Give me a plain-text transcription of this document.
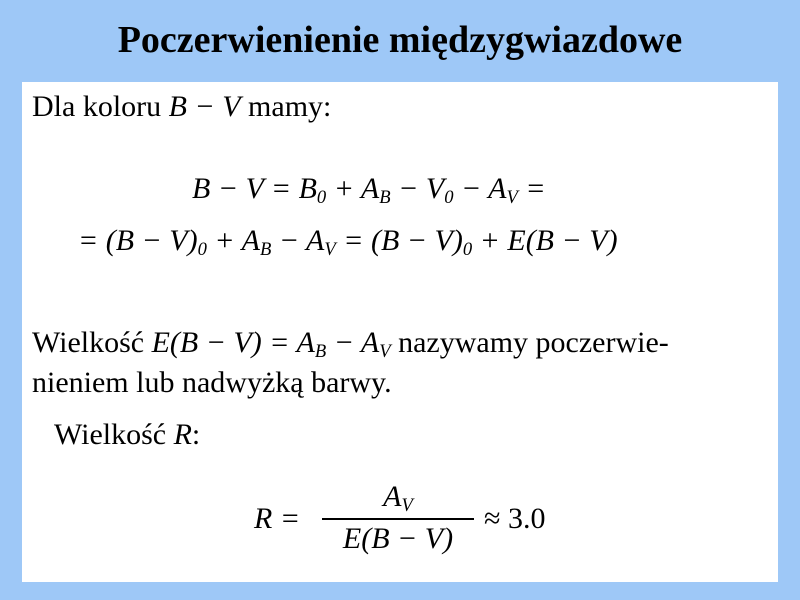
Poczerwienienie międzygwiazdowe
Dla koloru B − V mamy:
$B - V = B_0 + A_B - V_0 - A_V$ =
= $(B - V)_0 + A_B - A_V = (B - V)_0 + E(B - V)$
Wielkość $E(B - V) = A_B - A_V$ nazywamy poczerwie-
nieniem lub nadwyżką barwy.
Wielkość R:
R =
$A_V$
E(B − V)
≈ 3.0
